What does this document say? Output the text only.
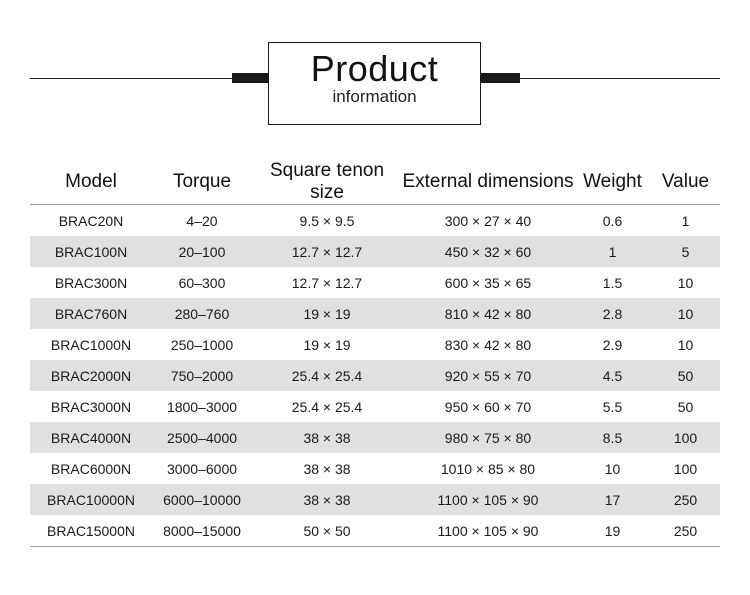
Product
information
Model	Torque	Square tenon size	External dimensions	Weight	Value
BRAC20N	4–20	9.5 × 9.5	300 × 27 × 40	0.6	1
BRAC100N	20–100	12.7 × 12.7	450 × 32 × 60	1	5
BRAC300N	60–300	12.7 × 12.7	600 × 35 × 65	1.5	10
BRAC760N	280–760	19 × 19	810 × 42 × 80	2.8	10
BRAC1000N	250–1000	19 × 19	830 × 42 × 80	2.9	10
BRAC2000N	750–2000	25.4 × 25.4	920 × 55 × 70	4.5	50
BRAC3000N	1800–3000	25.4 × 25.4	950 × 60 × 70	5.5	50
BRAC4000N	2500–4000	38 × 38	980 × 75 × 80	8.5	100
BRAC6000N	3000–6000	38 × 38	1010 × 85 × 80	10	100
BRAC10000N	6000–10000	38 × 38	1100 × 105 × 90	17	250
BRAC15000N	8000–15000	50 × 50	1100 × 105 × 90	19	250
